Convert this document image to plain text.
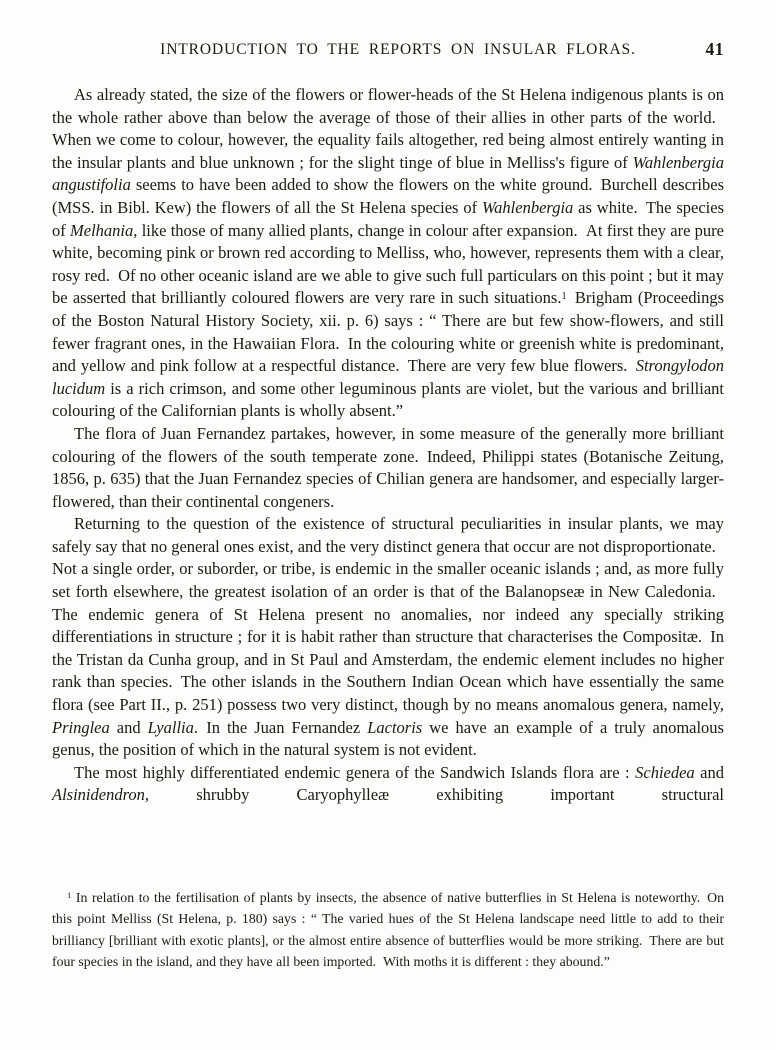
INTRODUCTION TO THE REPORTS ON INSULAR FLORAS.	41

As already stated, the size of the flowers or flower-heads of the St Helena indigenous plants is on the whole rather above than below the average of those of their allies in other parts of the world. When we come to colour, however, the equality fails altogether, red being almost entirely wanting in the insular plants and blue unknown ; for the slight tinge of blue in Melliss's figure of Wahlenbergia angustifolia seems to have been added to show the flowers on the white ground. Burchell describes (MSS. in Bibl. Kew) the flowers of all the St Helena species of Wahlenbergia as white. The species of Melhania, like those of many allied plants, change in colour after expansion. At first they are pure white, becoming pink or brown red according to Melliss, who, however, represents them with a clear, rosy red. Of no other oceanic island are we able to give such full particulars on this point ; but it may be asserted that brilliantly coloured flowers are very rare in such situations.$^1$ Brigham (Proceedings of the Boston Natural History Society, xii. p. 6) says : “ There are but few show-flowers, and still fewer fragrant ones, in the Hawaiian Flora. In the colouring white or greenish white is predominant, and yellow and pink follow at a respectful distance. There are very few blue flowers. Strongylodon lucidum is a rich crimson, and some other leguminous plants are violet, but the various and brilliant colouring of the Californian plants is wholly absent.”

The flora of Juan Fernandez partakes, however, in some measure of the generally more brilliant colouring of the flowers of the south temperate zone. Indeed, Philippi states (Botanische Zeitung, 1856, p. 635) that the Juan Fernandez species of Chilian genera are handsomer, and especially larger-flowered, than their continental congeners.

Returning to the question of the existence of structural peculiarities in insular plants, we may safely say that no general ones exist, and the very distinct genera that occur are not disproportionate. Not a single order, or suborder, or tribe, is endemic in the smaller oceanic islands ; and, as more fully set forth elsewhere, the greatest isolation of an order is that of the Balanopseæ in New Caledonia. The endemic genera of St Helena present no anomalies, nor indeed any specially striking differentiations in structure ; for it is habit rather than structure that characterises the Compositæ. In the Tristan da Cunha group, and in St Paul and Amsterdam, the endemic element includes no higher rank than species. The other islands in the Southern Indian Ocean which have essentially the same flora (see Part II., p. 251) possess two very distinct, though by no means anomalous genera, namely, Pringlea and Lyallia. In the Juan Fernandez Lactoris we have an example of a truly anomalous genus, the position of which in the natural system is not evident.

The most highly differentiated endemic genera of the Sandwich Islands flora are : Schiedea and Alsinidendron, shrubby Caryophylleæ exhibiting important structural

$^1$ In relation to the fertilisation of plants by insects, the absence of native butterflies in St Helena is noteworthy. On this point Melliss (St Helena, p. 180) says : “ The varied hues of the St Helena landscape need little to add to their brilliancy [brilliant with exotic plants], or the almost entire absence of butterflies would be more striking. There are but four species in the island, and they have all been imported. With moths it is different : they abound.”
